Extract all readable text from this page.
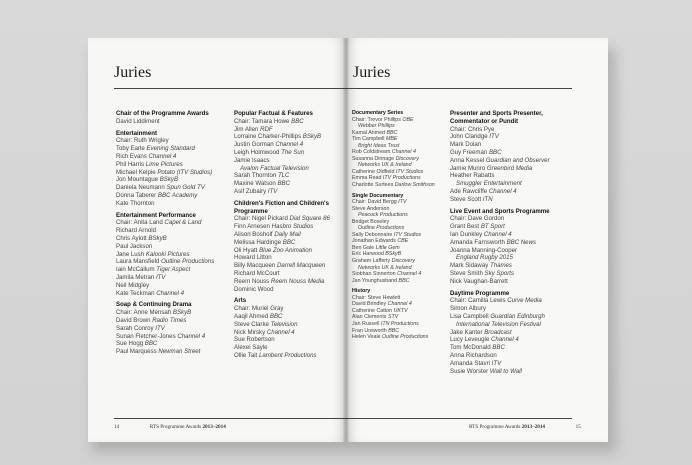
Juries
Chair of the Programme Awards
David Liddiment
Entertainment
Chair: Ruth Wrigley
Toby Earle Evening Standard
Rich Evans Channel 4
Phil Harris Lime Pictures
Michael Kelpie Potato (ITV Studios)
Jon Mountague BSkyB
Daniela Neumann Spun Gold TV
Donna Taberer BBC Academy
Kate Thornton
Entertainment Performance
Chair: Anita Land Capel & Land
Richard Arnold
Chris Aylott BSkyB
Paul Jackson
Jane Lush Kalooki Pictures
Laura Mansfield Outline Productions
Iain McCallum Tiger Aspect
Jamila Metran ITV
Neil Midgley
Kate Teckman Channel 4
Soap & Continuing Drama
Chair: Anne Mensah BSkyB
David Brown Radio Times
Sarah Conroy ITV
Sunan Fletcher-Jones Channel 4
Sue Hogg BBC
Paul Marquess Newman Street
Popular Factual & Features
Chair: Tamara Howe BBC
Jim Allen RDF
Lorraine Charker-Phillips BSkyB
Justin Gorman Channel 4
Leigh Holmwood The Sun
Jamie Isaacs
Avalon Factual Television
Sarah Thornton TLC
Maxine Watson BBC
Asif Zubairy ITV
Children's Fiction and Children's Programme
Chair: Nigel Pickard Dial Square 86
Finn Arnesen Hasbro Studios
Alison Bosholf Daily Mail
Melissa Hardinge BBC
Oli Hyatt Blue Zoo Animation
Howard Litton
Billy Macqueen Darrell Macqueen
Richard McCourt
Reem Nouss Reem Nouss Media
Dominic Wood
Arts
Chair: Muriel Gray
Aaqil Ahmed BBC
Steve Clarke Television
Nick Mirsky Channel 4
Sue Robertson
Alexei Sayle
Ollie Tait Lambent Productions
14	RTS Programme Awards 2013–2014
Juries
Documentary Series
Chair: Trevor Phillips OBE
Webber Phillips
Kamal Ahmed BBC
Tim Campbell MBE
Bright Ideas Trust
Rob Coldstream Channel 4
Susanna Dinnage Discovery
Networks UK & Ireland
Catherine Oldfield ITV Studios
Emma Read ITV Productions
Charlotte Surtees Darlow Smithson
Single Documentary
Chair: David Bergg ITV
Steve Anderson
Peacock Productions
Bridget Boseley
Outline Productions
Sally Debonnaire ITV Studios
Jonathan Edwards CBE
Ben Gale Little Gem
Eric Harwood BSkyB
Graham Lafferty Discovery
Networks UK & Ireland
Siobhan Sinnerton Channel 4
Jan Younghusband BBC
History
Chair: Steve Hewlett
David Brindley Channel 4
Catherine Catton UKTV
Alan Clements STV
Jan Russell ITN Productions
Fran Unsworth BBC
Helen Veale Outline Productions
Presenter and Sports Presenter, Commentator or Pundit
Chair: Chris Pye
John Claridge ITV
Mark Dolan
Guy Freeman BBC
Anna Kessel Guardian and Observer
Jamie Munro Greenbird Media
Heather Rabatts
Smuggler Entertainment
Ade Rawcliffe Channel 4
Steve Scott ITN
Live Event and Sports Programme
Chair: Dave Gordon
Grant Best BT Sport
Ian Dunkley Channel 4
Amanda Farnsworth BBC News
Joanna Manning-Cooper
England Rugby 2015
Mark Sidaway Thames
Steve Smith Sky Sports
Nick Vaughan-Barrett
Daytime Programme
Chair: Camilla Lewis Curve Media
Simon Albury
Lisa Campbell Guardian Edinburgh
International Television Festival
Jake Kanter Broadcast
Lucy Leveugle Channel 4
Tom McDonald BBC
Anna Richardson
Amanda Stavri ITV
Susie Worster Wall to Wall
RTS Programme Awards 2013–2014	15
